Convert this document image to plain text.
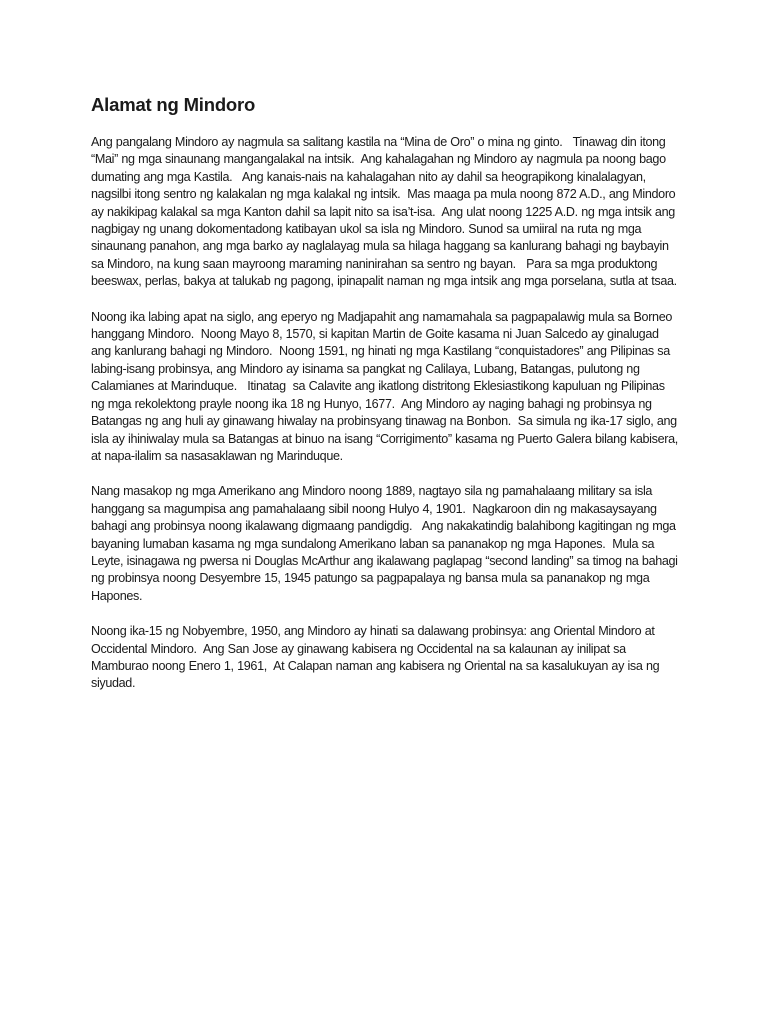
Alamat ng Mindoro

Ang pangalang Mindoro ay nagmula sa salitang kastila na “Mina de Oro” o mina ng ginto.   Tinawag din itong “Mai” ng mga sinaunang mangangalakal na intsik.  Ang kahalagahan ng Mindoro ay nagmula pa noong bago dumating ang mga Kastila.   Ang kanais-nais na kahalagahan nito ay dahil sa heograpikong kinalalagyan, nagsilbi itong sentro ng kalakalan ng mga kalakal ng intsik.  Mas maaga pa mula noong 872 A.D., ang Mindoro ay nakikipag kalakal sa mga Kanton dahil sa lapit nito sa isa’t-isa.  Ang ulat noong 1225 A.D. ng mga intsik ang nagbigay ng unang dokomentadong katibayan ukol sa isla ng Mindoro. Sunod sa umiiral na ruta ng mga sinaunang panahon, ang mga barko ay naglalayag mula sa hilaga haggang sa kanlurang bahagi ng baybayin sa Mindoro, na kung saan mayroong maraming naninirahan sa sentro ng bayan.   Para sa mga produktong beeswax, perlas, bakya at talukab ng pagong, ipinapalit naman ng mga intsik ang mga porselana, sutla at tsaa.

Noong ika labing apat na siglo, ang eperyo ng Madjapahit ang namamahala sa pagpapalawig mula sa Borneo hanggang Mindoro.  Noong Mayo 8, 1570, si kapitan Martin de Goite kasama ni Juan Salcedo ay ginalugad ang kanlurang bahagi ng Mindoro.  Noong 1591, ng hinati ng mga Kastilang “conquistadores” ang Pilipinas sa labing-isang probinsya, ang Mindoro ay isinama sa pangkat ng Calilaya, Lubang, Batangas, pulutong ng Calamianes at Marinduque.   Itinatag  sa Calavite ang ikatlong distritong Eklesiastikong kapuluan ng Pilipinas ng mga rekolektong prayle noong ika 18 ng Hunyo, 1677.  Ang Mindoro ay naging bahagi ng probinsya ng Batangas ng ang huli ay ginawang hiwalay na probinsyang tinawag na Bonbon.  Sa simula ng ika-17 siglo, ang isla ay ihiniwalay mula sa Batangas at binuo na isang “Corrigimento” kasama ng Puerto Galera bilang kabisera, at napa-ilalim sa nasasaklawan ng Marinduque.

Nang masakop ng mga Amerikano ang Mindoro noong 1889, nagtayo sila ng pamahalaang military sa isla hanggang sa magumpisa ang pamahalaang sibil noong Hulyo 4, 1901.  Nagkaroon din ng makasaysayang bahagi ang probinsya noong ikalawang digmaang pandigdig.   Ang nakakatindig balahibong kagitingan ng mga bayaning lumaban kasama ng mga sundalong Amerikano laban sa pananakop ng mga Hapones.  Mula sa Leyte, isinagawa ng pwersa ni Douglas McArthur ang ikalawang paglapag “second landing” sa timog na bahagi ng probinsya noong Desyembre 15, 1945 patungo sa pagpapalaya ng bansa mula sa pananakop ng mga Hapones.

Noong ika-15 ng Nobyembre, 1950, ang Mindoro ay hinati sa dalawang probinsya: ang Oriental Mindoro at Occidental Mindoro.  Ang San Jose ay ginawang kabisera ng Occidental na sa kalaunan ay inilipat sa Mamburao noong Enero 1, 1961,  At Calapan naman ang kabisera ng Oriental na sa kasalukuyan ay isa ng siyudad.
